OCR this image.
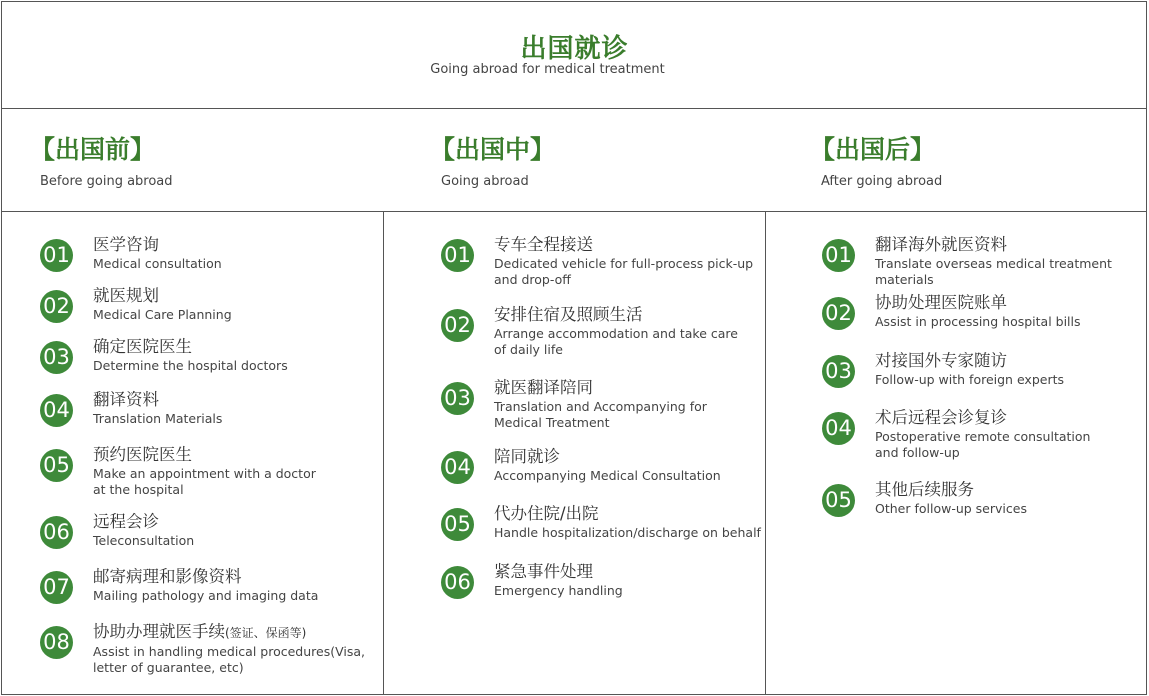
出国就诊
Going abroad for medical treatment
【出国前】
Before going abroad
【出国中】
Going abroad
【出国后】
After going abroad
01 医学咨询
Medical consultation
02 就医规划
Medical Care Planning
03 确定医院医生
Determine the hospital doctors
04 翻译资料
Translation Materials
05 预约医院医生
Make an appointment with a doctor
at the hospital
06 远程会诊
Teleconsultation
07 邮寄病理和影像资料
Mailing pathology and imaging data
08 协助办理就医手续(签证、保函等)
Assist in handling medical procedures(Visa,
letter of guarantee, etc)
01 专车全程接送
Dedicated vehicle for full-process pick-up
and drop-off
02 安排住宿及照顾生活
Arrange accommodation and take care
of daily life
03 就医翻译陪同
Translation and Accompanying for
Medical Treatment
04 陪同就诊
Accompanying Medical Consultation
05 代办住院/出院
Handle hospitalization/discharge on behalf
06 紧急事件处理
Emergency handling
01 翻译海外就医资料
Translate overseas medical treatment materials
02 协助处理医院账单
Assist in processing hospital bills
03 对接国外专家随访
Follow-up with foreign experts
04 术后远程会诊复诊
Postoperative remote consultation
and follow-up
05 其他后续服务
Other follow-up services
